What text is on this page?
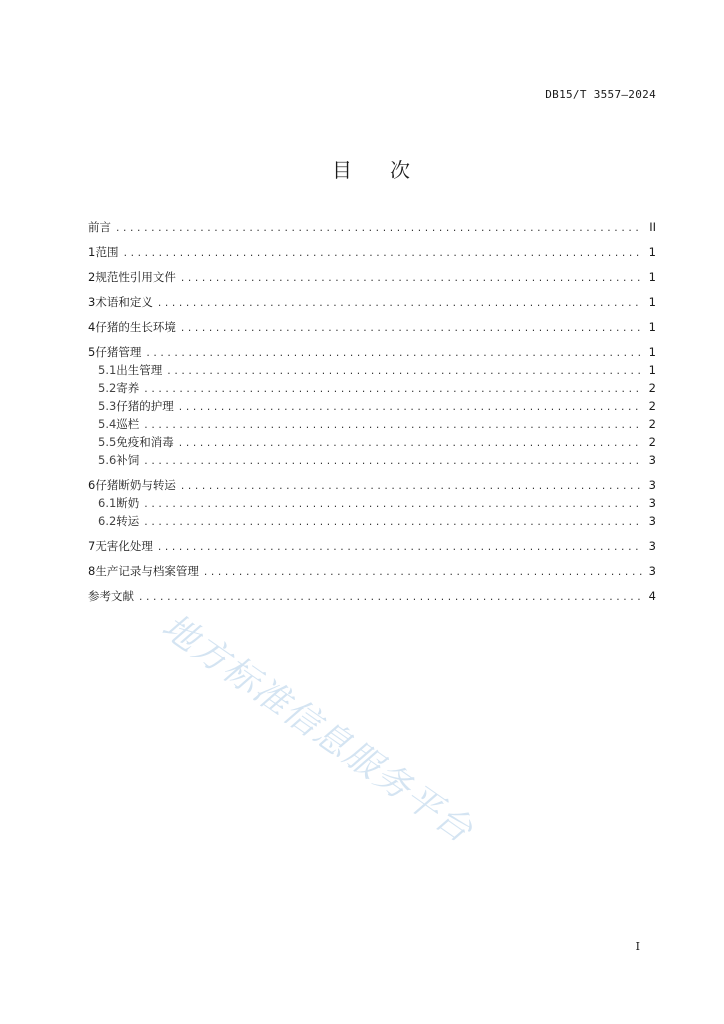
DB15/T 3557—2024
目 次
前言 .....	II
1 范围 .....	1
2 规范性引用文件 .....	1
3 术语和定义 .....	1
4 仔猪的生长环境 .....	1
5 仔猪管理 .....	1
5.1 出生管理 .....	1
5.2 寄养 .....	2
5.3 仔猪的护理 .....	2
5.4 巡栏 .....	2
5.5 免疫和消毒 .....	2
5.6 补饲 .....	3
6 仔猪断奶与转运 .....	3
6.1 断奶 .....	3
6.2 转运 .....	3
7 无害化处理 .....	3
8 生产记录与档案管理 .....	3
参考文献 .....	4
地方标准信息服务平台
I
